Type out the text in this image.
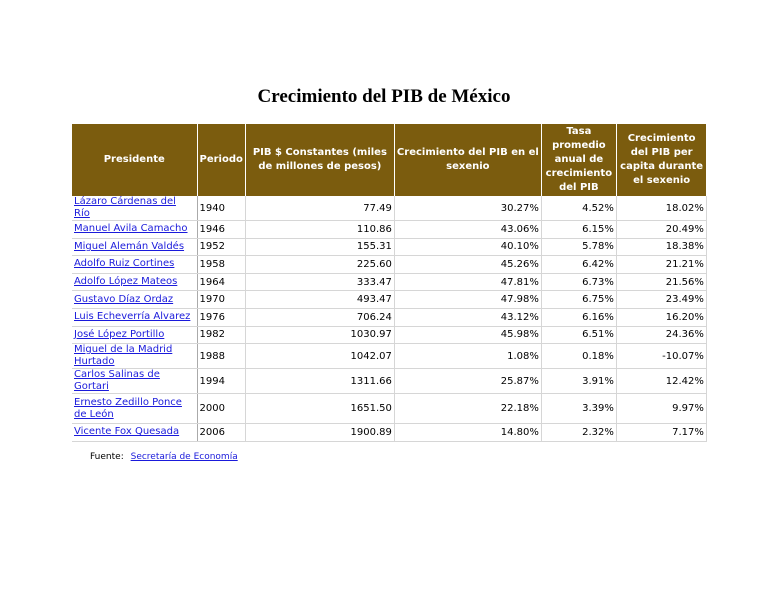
Crecimiento del PIB de México
Presidente	Periodo	PIB $ Constantes (miles de millones de pesos)	Crecimiento del PIB en el sexenio	Tasa promedio anual de crecimiento del PIB	Crecimiento del PIB per capita durante el sexenio
Lázaro Cárdenas del Río	1940	77.49	30.27%	4.52%	18.02%
Manuel Avila Camacho	1946	110.86	43.06%	6.15%	20.49%
Miguel Alemán Valdés	1952	155.31	40.10%	5.78%	18.38%
Adolfo Ruiz Cortines	1958	225.60	45.26%	6.42%	21.21%
Adolfo López Mateos	1964	333.47	47.81%	6.73%	21.56%
Gustavo Díaz Ordaz	1970	493.47	47.98%	6.75%	23.49%
Luis Echeverría Alvarez	1976	706.24	43.12%	6.16%	16.20%
José López Portillo	1982	1030.97	45.98%	6.51%	24.36%
Miguel de la Madrid Hurtado	1988	1042.07	1.08%	0.18%	-10.07%
Carlos Salinas de Gortari	1994	1311.66	25.87%	3.91%	12.42%
Ernesto Zedillo Ponce de León	2000	1651.50	22.18%	3.39%	9.97%
Vicente Fox Quesada	2006	1900.89	14.80%	2.32%	7.17%
Fuente: Secretaría de Economía
